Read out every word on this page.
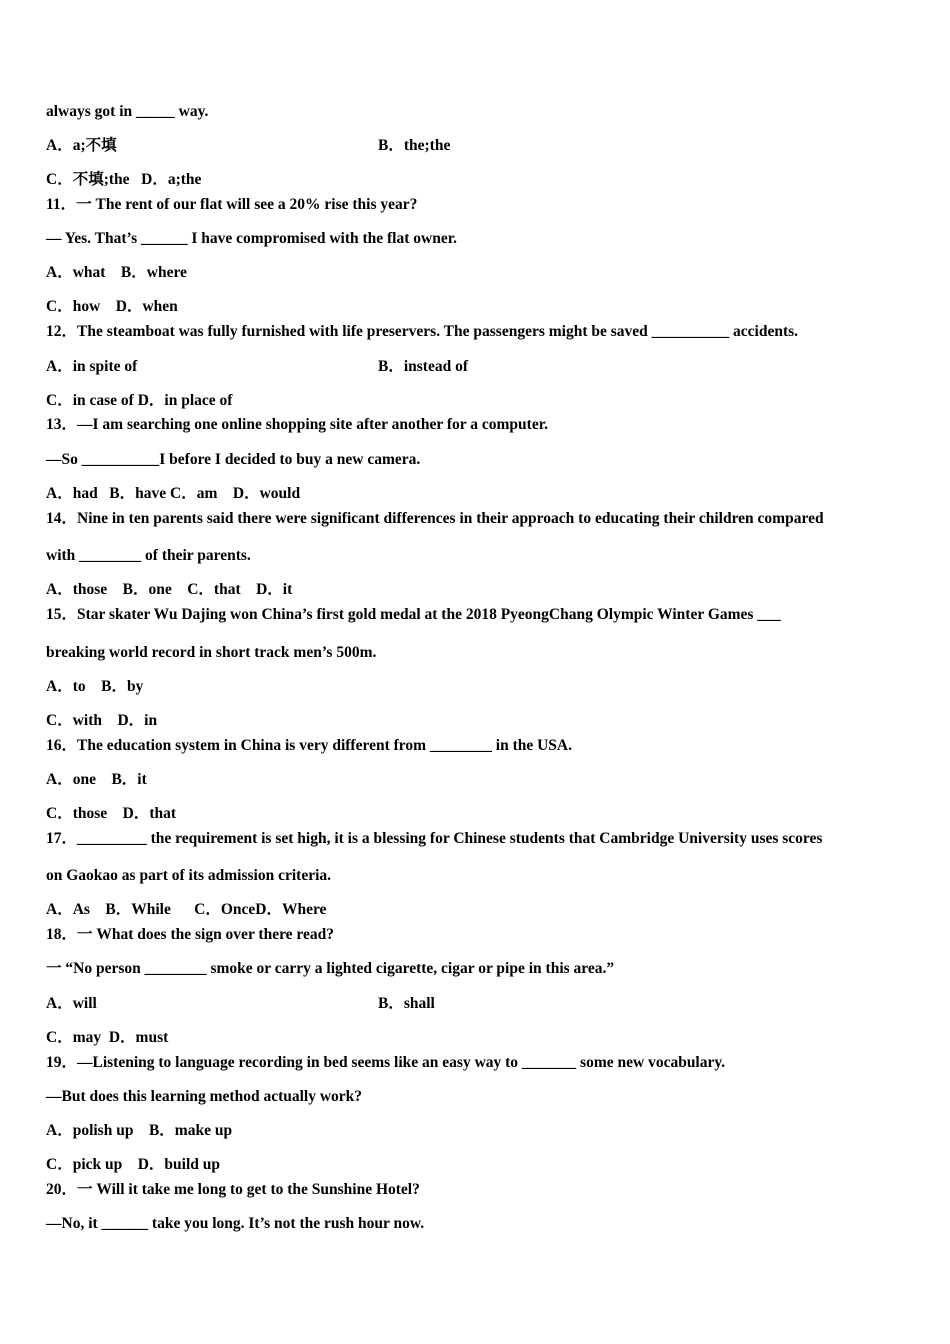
always got in _____ way.
A．a;不填	B．the;the
C．不填;the   D．a;the
11．一 The rent of our flat will see a 20% rise this year?
— Yes. That’s ______ I have compromised with the flat owner.
A．what    B．where
C．how    D．when
12．The steamboat was fully furnished with life preservers. The passengers might be saved __________ accidents.
A．in spite of	B．instead of
C．in case of D．in place of
13．—I am searching one online shopping site after another for a computer.
—So __________I before I decided to buy a new camera.
A．had   B．have C．am    D．would
14．Nine in ten parents said there were significant differences in their approach to educating their children compared
with ________ of their parents.
A．those    B．one    C．that    D．it
15．Star skater Wu Dajing won China’s first gold medal at the 2018 PyeongChang Olympic Winter Games ___
breaking world record in short track men’s 500m.
A．to    B．by
C．with    D．in
16．The education system in China is very different from ________ in the USA.
A．one    B．it
C．those    D．that
17．_________ the requirement is set high, it is a blessing for Chinese students that Cambridge University uses scores
on Gaokao as part of its admission criteria.
A．As    B．While      C．OnceD．Where
18．一 What does the sign over there read?
一 “No person ________ smoke or carry a lighted cigarette, cigar or pipe in this area.”
A．will	B．shall
C．may  D．must
19．—Listening to language recording in bed seems like an easy way to _______ some new vocabulary.
—But does this learning method actually work?
A．polish up    B．make up
C．pick up    D．build up
20．一 Will it take me long to get to the Sunshine Hotel?
—No, it ______ take you long. It’s not the rush hour now.
